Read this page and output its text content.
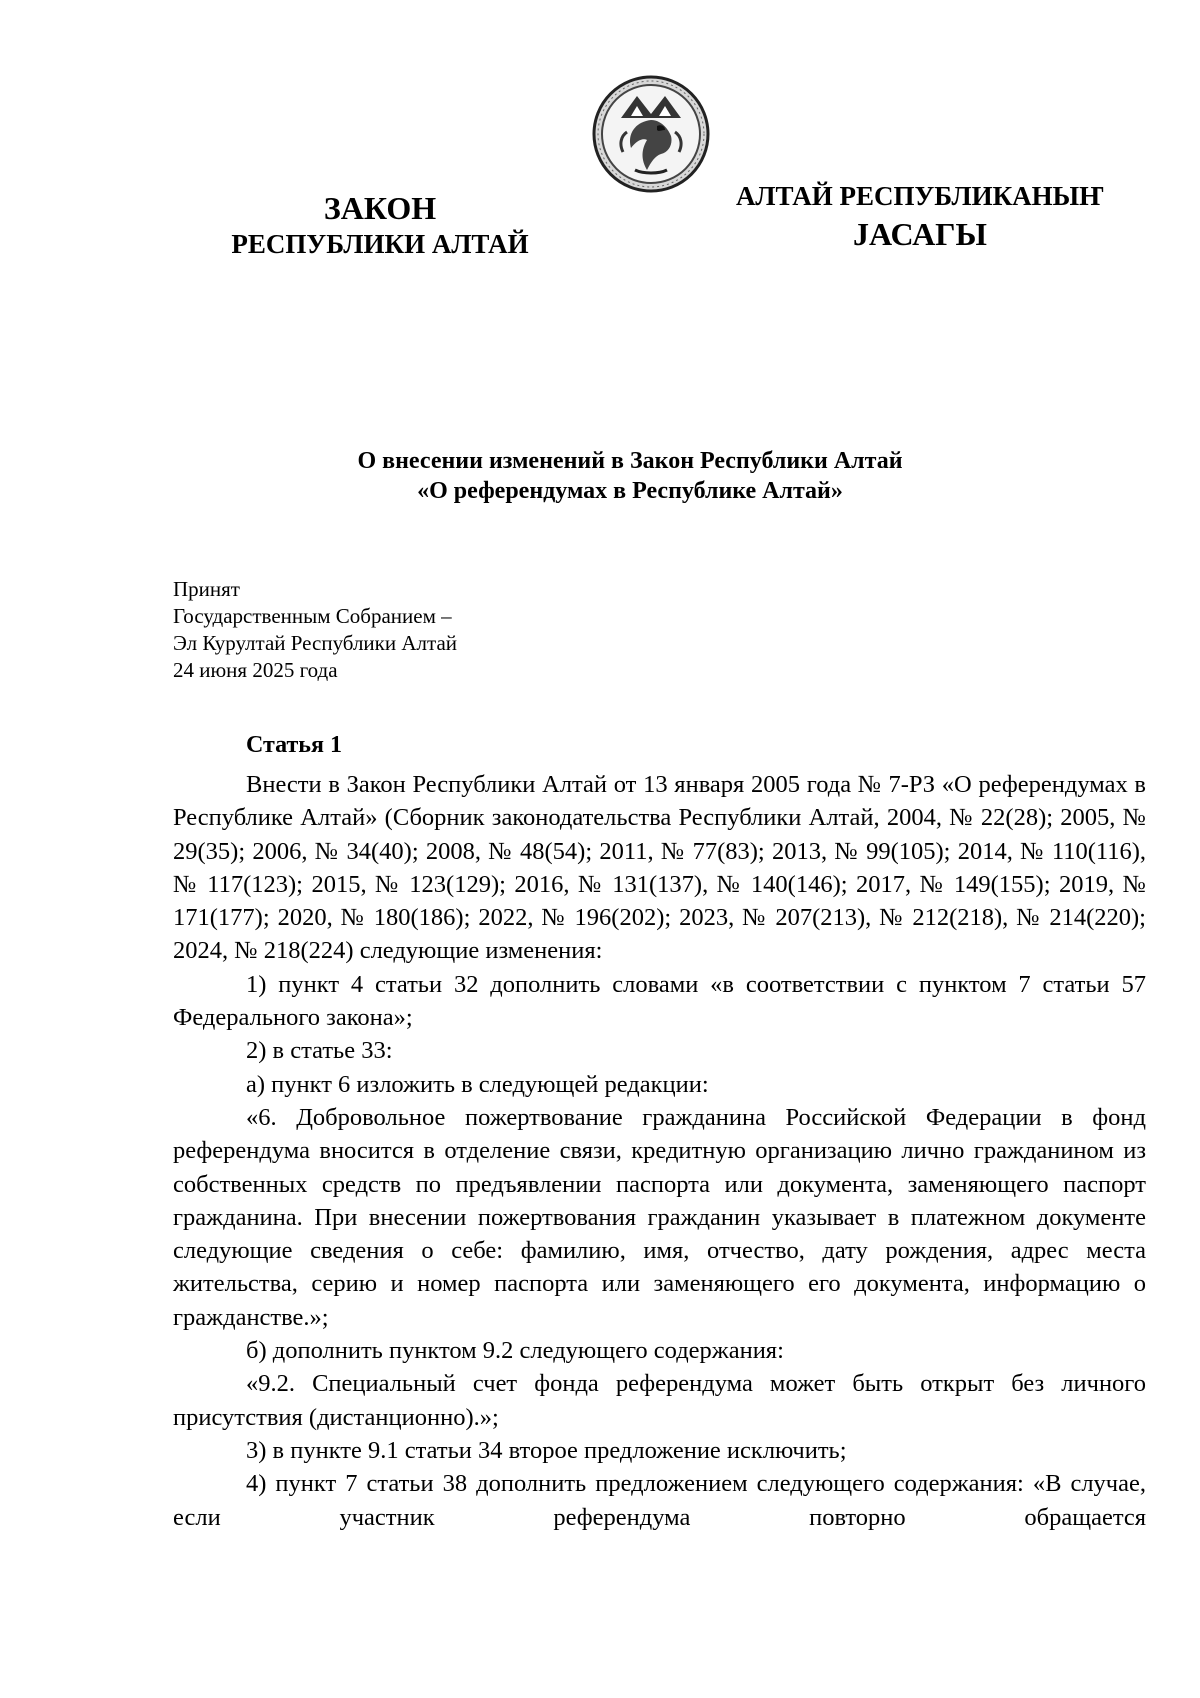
ЗАКОН
РЕСПУБЛИКИ АЛТАЙ
АЛТАЙ РЕСПУБЛИКАНЫҤ
JАСАГЫ
О внесении изменений в Закон Республики Алтай
«О референдумах в Республике Алтай»
Принят
Государственным Собранием –
Эл Курултай Республики Алтай
24 июня 2025 года
Статья 1

Внести в Закон Республики Алтай от 13 января 2005 года № 7-РЗ «О референдумах в Республике Алтай» (Сборник законодательства Республики Алтай, 2004, № 22(28); 2005, № 29(35); 2006, № 34(40); 2008, № 48(54); 2011, № 77(83); 2013, № 99(105); 2014, № 110(116), № 117(123); 2015, № 123(129); 2016, № 131(137), № 140(146); 2017, № 149(155); 2019, № 171(177); 2020, № 180(186); 2022, № 196(202); 2023, № 207(213), № 212(218), № 214(220); 2024, № 218(224) следующие изменения:

1) пункт 4 статьи 32 дополнить словами «в соответствии с пунктом 7 статьи 57 Федерального закона»;

2) в статье 33:

а) пункт 6 изложить в следующей редакции:

«6. Добровольное пожертвование гражданина Российской Федерации в фонд референдума вносится в отделение связи, кредитную организацию лично гражданином из собственных средств по предъявлении паспорта или документа, заменяющего паспорт гражданина. При внесении пожертвования гражданин указывает в платежном документе следующие сведения о себе: фамилию, имя, отчество, дату рождения, адрес места жительства, серию и номер паспорта или заменяющего его документа, информацию о гражданстве.»;

б) дополнить пунктом 9.2 следующего содержания:

«9.2. Специальный счет фонда референдума может быть открыт без личного присутствия (дистанционно).»;

3) в пункте 9.1 статьи 34 второе предложение исключить;

4) пункт 7 статьи 38 дополнить предложением следующего содержания: «В случае, если участник референдума повторно обращается
